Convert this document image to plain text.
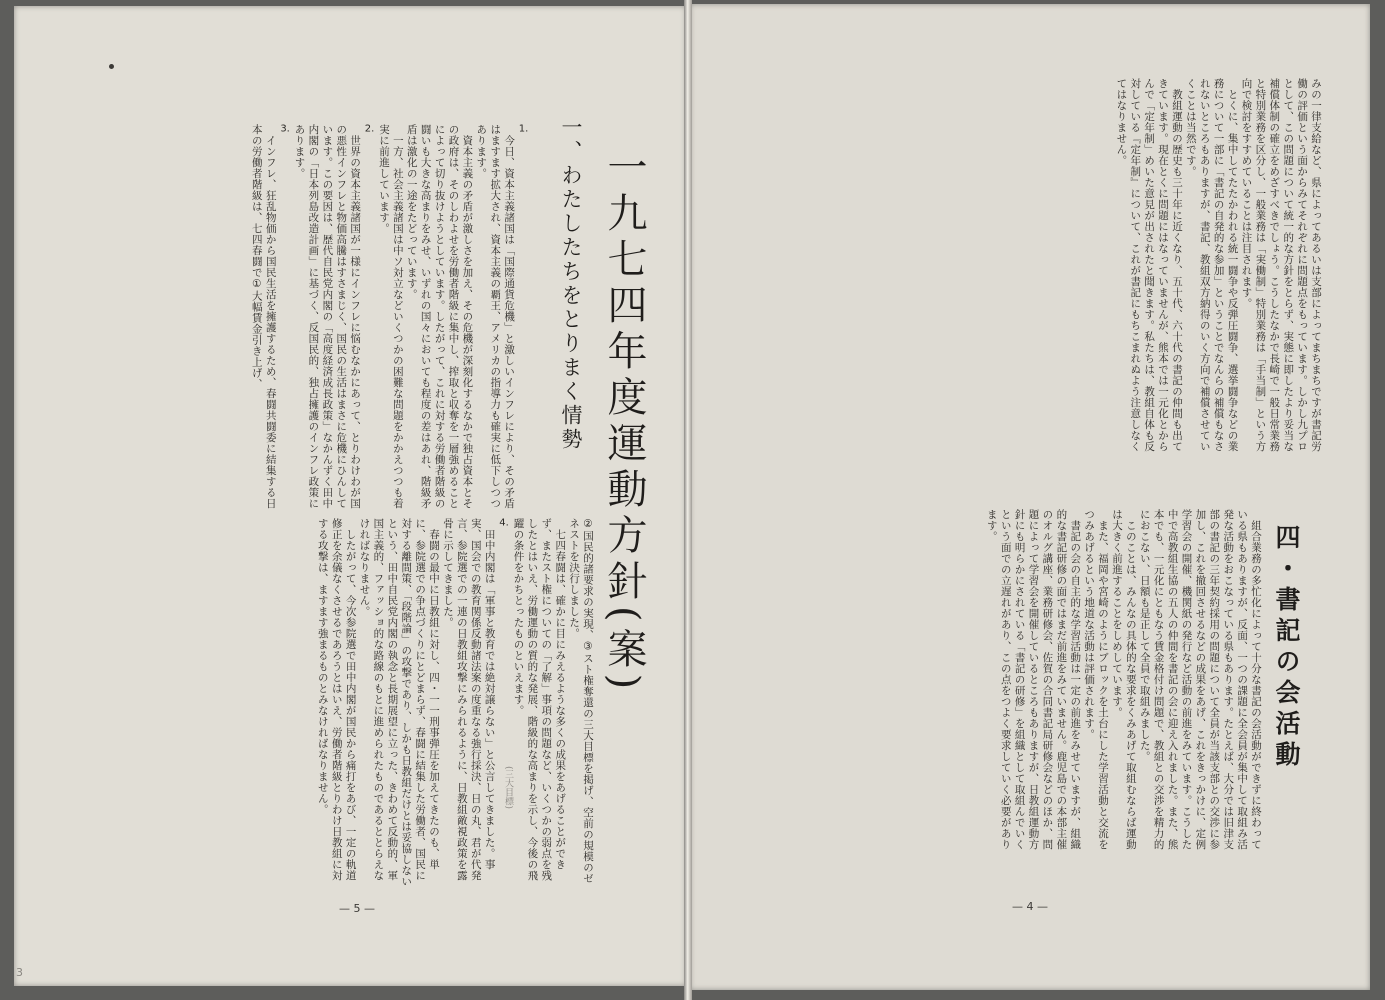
みの一律支給など、県によってあるいは支部によってまちまちですが書記労働の評価という面からみてそれぞれに問題点をもっています。しかし九プロとして、この問題について統一的な方針をとらず、実態に即したより妥当な補償体制の確立をめざすべきでしょう。こうしたなかで長崎で一般日常業務と特別業務を区分し、一般業務は「実働制」特別業務は「手当制」という方向で検討をすすめていることは注目されます。

とくに、集中してたたかわれる統一闘争や反弾圧闘争、選挙闘争などの業務について一部に「書記の自発的な参加」ということでなんらの補償もなされないところもありますが、書記、教組双方納得のいく方向で補償させていくことは当然です。

教組運動の歴史も三十年に近くなり、五十代、六十代の書記の仲間も出てきています。現在とくに問題にはなっていませんが、熊本では一元化とからんで「定年制」めいた意見が出されたと聞きます。私たちは、教組自体も反対している『定年制』について、これが書記にもちこまれぬよう注意しなくてはなりません。

四・書記の会活動

組合業務の多忙化によって十分な書記の会活動ができずに終わっている県もありますが、反面、一つの課題に全会員が集中して取組み活発な活動をおこなっている県もあります。たとえば、大分では旧津支部の書記の三年契約採用の問題について全員が当該支部との交渉に参加し、これを撤回させるなどの成果をあげ、これをきっかけに、定例学習会の開催、機関紙の発行など活動の前進をみています。こうした中で高教組生協の五人の仲間を書記の会に迎え入れました。また、熊本でも、一元化にともなう賃金格付け問題で、教組との交渉を精力的におこない、日額も是正して全員で取組みました。

このことは、みんなの具体的な要求をくみあげて取組むならば運動は大きく前進することをしめしています。

また、福岡や宮崎のようにブロックを土台にした学習活動と交流をつみあげるという地道な活動は評価されます。

書記の会の自主的な学習活動は一定の前進をみせていますが、組織的な書記研修の面ではまだ前進をみていません。鹿児島での本部主催のオルグ講座、業務研修会、佐賀の合同書記局研修会などのほか、問題によって学習会を開催しているところもありますが、日教組運動方針にも明らかにされている「書記の研修」を組織として取組んでいくという面での立遅れがあり、この点をつよく要求していく必要があります。

— 4 —
一九七四年度運動方針(案)
一、わたしたちをとりまく情勢

1.

今日、資本主義諸国は「国際通貨危機」と激しいインフレにより、その矛盾はますます拡大され、資本主義の覇王、アメリカの指導力も確実に低下しつつあります。

資本主義の矛盾が激しさを加え、その危機が深刻化するなかで独占資本とその政府は、そのしわよせを労働者階級に集中し、搾取と収奪を一層強めることによって切り抜けようとしています。したがって、これに対する労働者階級の闘いも大きな高まりをみせ、いずれの国々においても程度の差はあれ、階級矛盾は激化の一途をたどっています。

一方、社会主義諸国は中ソ対立などいくつかの困難な問題をかかえつつも着実に前進しています。

2.

世界の資本主義諸国が一様にインフレに悩むなかにあって、とりわけわが国の悪性インフレと物価高騰はすさまじく、国民の生活はまさに危機にひんしています。この要因は、歴代自民党内閣の「高度経済成長政策」なかんずく田中内閣の「日本列島改造計画」に基づく、反国民的、独占擁護のインフレ政策にあります。

3.

インフレ、狂乱物価から国民生活を擁護するため、春闘共闘委に結集する日本の労働者階級は、七四春闘で①大幅賃金引き上げ、

②国民的諸要求の実現、③スト権奪還の三大目標を掲げ、空前の規模のゼネストを決行しました。

七四春闘は、確かに目にみえるような多くの成果をあげることができず、またスト権についての「了解」事項の問題など、いくつかの弱点を残したとはいえ、労働運動の質的な発展、階級的な高まりを示し、今後の飛躍の条件をかちとったものといえます。

4.

田中内閣は「軍事と教育では絶対譲らない」と公言してきました。事実、国会での教育関係反動諸法案の度重なる強行採決、日の丸、君が代発言、参院選での一連の日教組攻撃にみられるように、日教組敵視政策を露骨に示してきました。

春闘の最中に日教組に対し、四・一一刑事弾圧を加えてきたのも、単に、参院選での争点づくりにとどまらず、春闘に結集した労働者、国民に対する離間策、「段階論」の攻撃であり、しかも日教組だけとは妥協しないという、田中自民党内閣の執念と長期展望に立った、きわめて反動的、軍国主義的、ファッショ的な路線のもとに進められたものであるととらえなければなりません。

したがって、今次参院選で田中内閣が国民から痛打をあび、一定の軌道修正を余儀なくさせるであろうとはいえ、労働者階級とりわけ日教組に対する攻撃は、ますます強まるものとみなければなりません。	(三大目標)
— 5 —
3
